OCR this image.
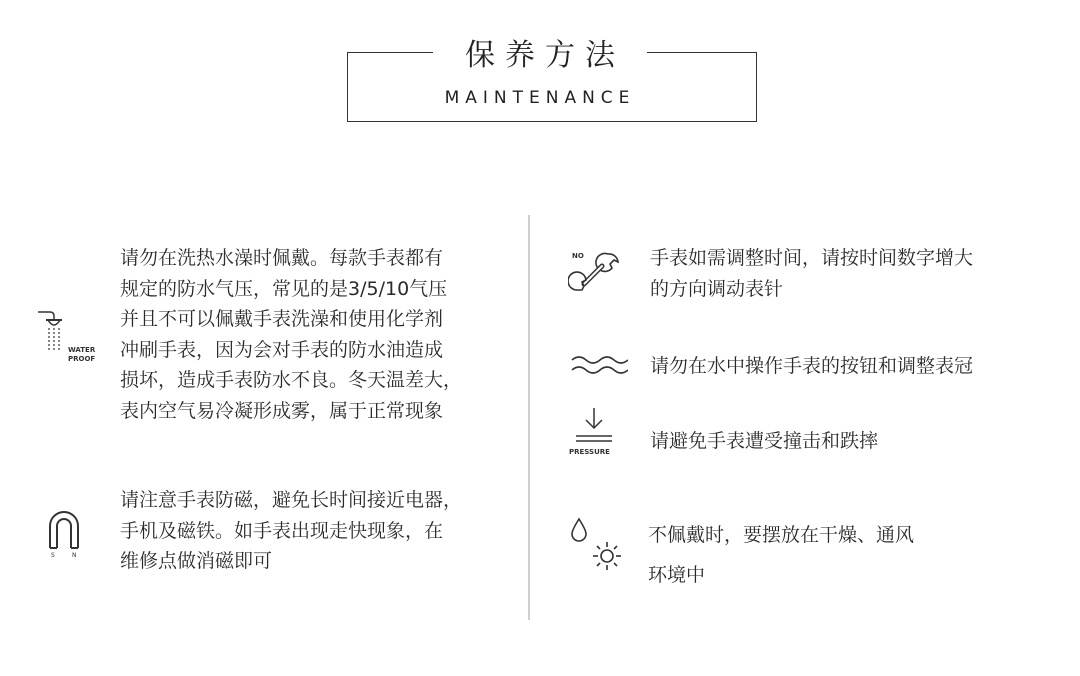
保养方法
MAINTENANCE
WATER
PROOF
请勿在洗热水澡时佩戴。每款手表都有
规定的防水气压，常见的是3/5/10气压
并且不可以佩戴手表洗澡和使用化学剂
冲刷手表，因为会对手表的防水油造成
损坏，造成手表防水不良。冬天温差大，
表内空气易冷凝形成雾，属于正常现象
S	N
请注意手表防磁，避免长时间接近电器，
手机及磁铁。如手表出现走快现象，在
维修点做消磁即可
NO	手表如需调整时间，请按时间数字增大
的方向调动表针
请勿在水中操作手表的按钮和调整表冠
PRESSURE 请避免手表遭受撞击和跌摔
不佩戴时，要摆放在干燥、通风
环境中
